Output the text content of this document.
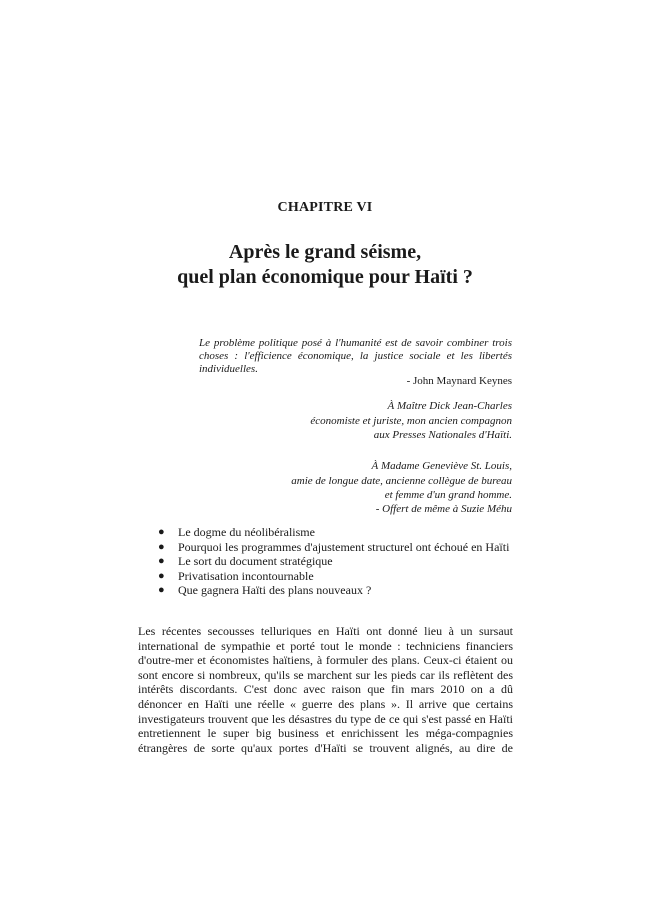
CHAPITRE VI
Après le grand séisme,
quel plan économique pour Haïti ?
Le problème politique posé à l'humanité est de savoir combiner trois choses : l'efficience économique, la justice sociale et les libertés individuelles.
- John Maynard Keynes
À Maître Dick Jean-Charles
économiste et juriste, mon ancien compagnon
aux Presses Nationales d'Haïti.
À Madame Geneviève St. Louis,
amie de longue date, ancienne collègue de bureau
et femme d'un grand homme.
- Offert de même à Suzie Méhu
● Le dogme du néolibéralisme
● Pourquoi les programmes d'ajustement structurel ont échoué en Haïti
● Le sort du document stratégique
● Privatisation incontournable
● Que gagnera Haïti des plans nouveaux ?

Les récentes secousses telluriques en Haïti ont donné lieu à un sursaut international de sympathie et porté tout le monde : techniciens financiers d'outre-mer et économistes haïtiens, à formuler des plans. Ceux-ci étaient ou sont encore si nombreux, qu'ils se marchent sur les pieds car ils reflètent des intérêts discordants. C'est donc avec raison que fin mars 2010 on a dû dénoncer en Haïti une réelle « guerre des plans ». Il arrive que certains investigateurs trouvent que les désastres du type de ce qui s'est passé en Haïti entretiennent le super big business et enrichissent les méga-compagnies étrangères de sorte qu'aux portes d'Haïti se trouvent alignés, au dire de
